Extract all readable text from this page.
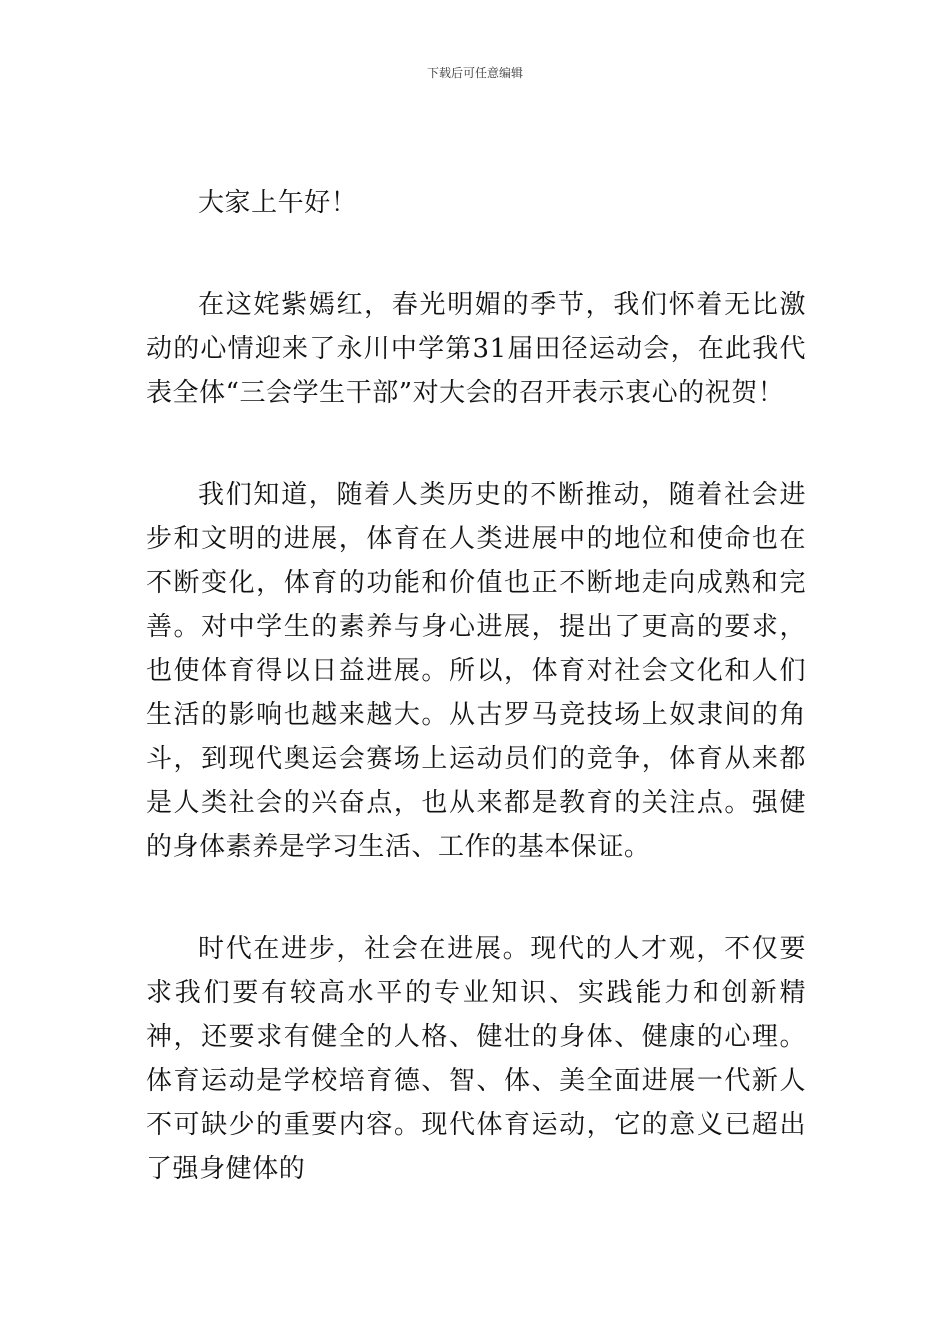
下载后可任意编辑

大家上午好！

在这姹紫嫣红，春光明媚的季节，我们怀着无比激动的心情迎来了永川中学第31届田径运动会，在此我代表全体“三会学生干部”对大会的召开表示衷心的祝贺！

我们知道，随着人类历史的不断推动，随着社会进步和文明的进展，体育在人类进展中的地位和使命也在不断变化，体育的功能和价值也正不断地走向成熟和完善。对中学生的素养与身心进展，提出了更高的要求，也使体育得以日益进展。所以，体育对社会文化和人们生活的影响也越来越大。从古罗马竞技场上奴隶间的角斗，到现代奥运会赛场上运动员们的竞争，体育从来都是人类社会的兴奋点，也从来都是教育的关注点。强健的身体素养是学习生活、工作的基本保证。

时代在进步，社会在进展。现代的人才观，不仅要求我们要有较高水平的专业知识、实践能力和创新精神，还要求有健全的人格、健壮的身体、健康的心理。体育运动是学校培育德、智、体、美全面进展一代新人不可缺少的重要内容。现代体育运动，它的意义已超出了强身健体的
